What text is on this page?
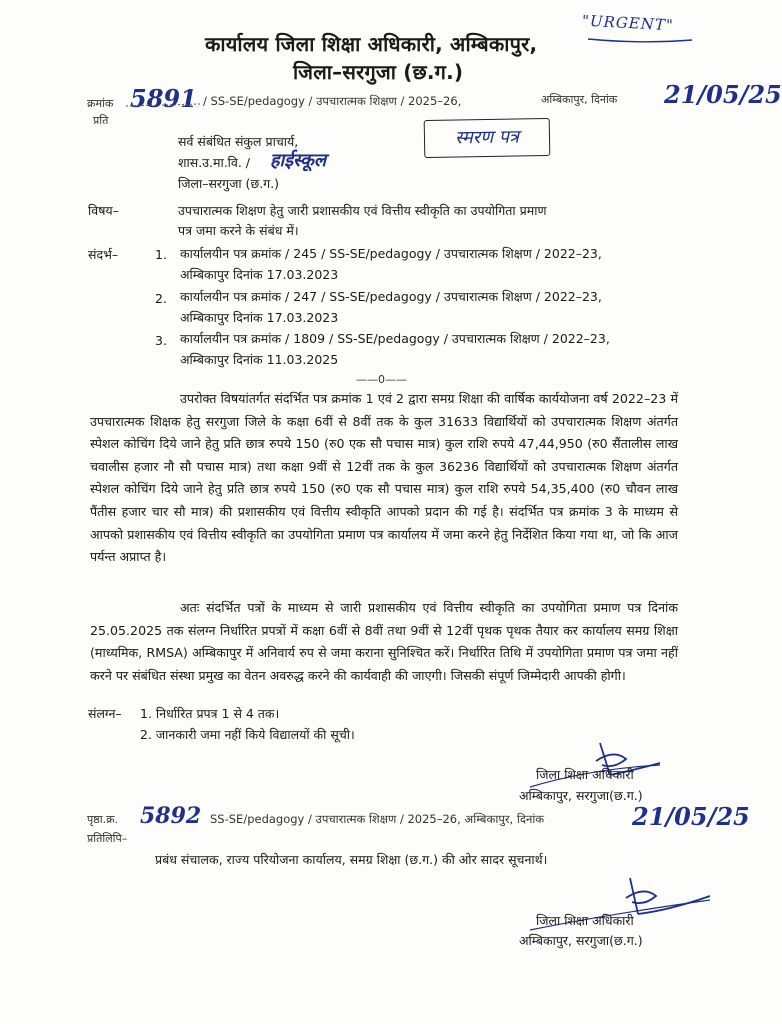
कार्यालय जिला शिक्षा अधिकारी, अम्बिकापुर,
जिला–सरगुजा (छ.ग.)
"URGENT"
क्रमांक 5891 / SS-SE/pedagogy / उपचारात्मक शिक्षण / 2025–26,	अम्बिकापुर, दिनांक 21/05/25
प्रति
सर्व संबंधित संकुल प्राचार्य,
शास.उ.मा.वि. / हाईस्कूल
जिला–सरगुजा (छ.ग.)
स्मरण पत्र
विषय–	उपचारात्मक शिक्षण हेतु जारी प्रशासकीय एवं वित्तीय स्वीकृति का उपयोगिता प्रमाण
पत्र जमा करने के संबंध में।
संदर्भ–	1. कार्यालयीन पत्र क्रमांक / 245 / SS-SE/pedagogy / उपचारात्मक शिक्षण / 2022–23,
अम्बिकापुर दिनांक 17.03.2023
2. कार्यालयीन पत्र क्रमांक / 247 / SS-SE/pedagogy / उपचारात्मक शिक्षण / 2022–23,
अम्बिकापुर दिनांक 17.03.2023
3. कार्यालयीन पत्र क्रमांक / 1809 / SS-SE/pedagogy / उपचारात्मक शिक्षण / 2022–23,
अम्बिकापुर दिनांक 11.03.2025
——0——

उपरोक्त विषयांतर्गत संदर्भित पत्र क्रमांक 1 एवं 2 द्वारा समग्र शिक्षा की वार्षिक कार्ययोजना वर्ष 2022–23 में उपचारात्मक शिक्षक हेतु सरगुजा जिले के कक्षा 6वीं से 8वीं तक के कुल 31633 विद्यार्थियों को उपचारात्मक शिक्षण अंतर्गत स्पेशल कोचिंग दिये जाने हेतु प्रति छात्र रुपये 150 (रु0 एक सौ पचास मात्र) कुल राशि रुपये 47,44,950 (रु0 सैंतालीस लाख चवालीस हजार नौ सौ पचास मात्र) तथा कक्षा 9वीं से 12वीं तक के कुल 36236 विद्यार्थियों को उपचारात्मक शिक्षण अंतर्गत स्पेशल कोचिंग दिये जाने हेतु प्रति छात्र रुपये 150 (रु0 एक सौ पचास मात्र) कुल राशि रुपये 54,35,400 (रु0 चौवन लाख पैंतीस हजार चार सौ मात्र) की प्रशासकीय एवं वित्तीय स्वीकृति आपको प्रदान की गई है। संदर्भित पत्र क्रमांक 3 के माध्यम से आपको प्रशासकीय एवं वित्तीय स्वीकृति का उपयोगिता प्रमाण पत्र कार्यालय में जमा करने हेतु निर्देशित किया गया था, जो कि आज पर्यन्त अप्राप्त है।

अतः संदर्भित पत्रों के माध्यम से जारी प्रशासकीय एवं वित्तीय स्वीकृति का उपयोगिता प्रमाण पत्र दिनांक 25.05.2025 तक संलग्न निर्धारित प्रपत्रों में कक्षा 6वीं से 8वीं तथा 9वीं से 12वीं पृथक पृथक तैयार कर कार्यालय समग्र शिक्षा (माध्यमिक, RMSA) अम्बिकापुर में अनिवार्य रुप से जमा कराना सुनिश्चित करें। निर्धारित तिथि में उपयोगिता प्रमाण पत्र जमा नहीं करने पर संबंधित संस्था प्रमुख का वेतन अवरुद्ध करने की कार्यवाही की जाएगी। जिसकी संपूर्ण जिम्मेदारी आपकी होगी।

संलग्न– 1. निर्धारित प्रपत्र 1 से 4 तक।
2. जानकारी जमा नहीं किये विद्यालयों की सूची।
जिला शिक्षा अधिकारी
अम्बिकापुर, सरगुजा(छ.ग.)
पृष्ठा.क्र. 5892 SS-SE/pedagogy / उपचारात्मक शिक्षण / 2025–26, अम्बिकापुर, दिनांक	21/05/25
प्रतिलिपि–
प्रबंध संचालक, राज्य परियोजना कार्यालय, समग्र शिक्षा (छ.ग.) की ओर सादर सूचनार्थ।
जिला शिक्षा अधिकारी
अम्बिकापुर, सरगुजा(छ.ग.)
